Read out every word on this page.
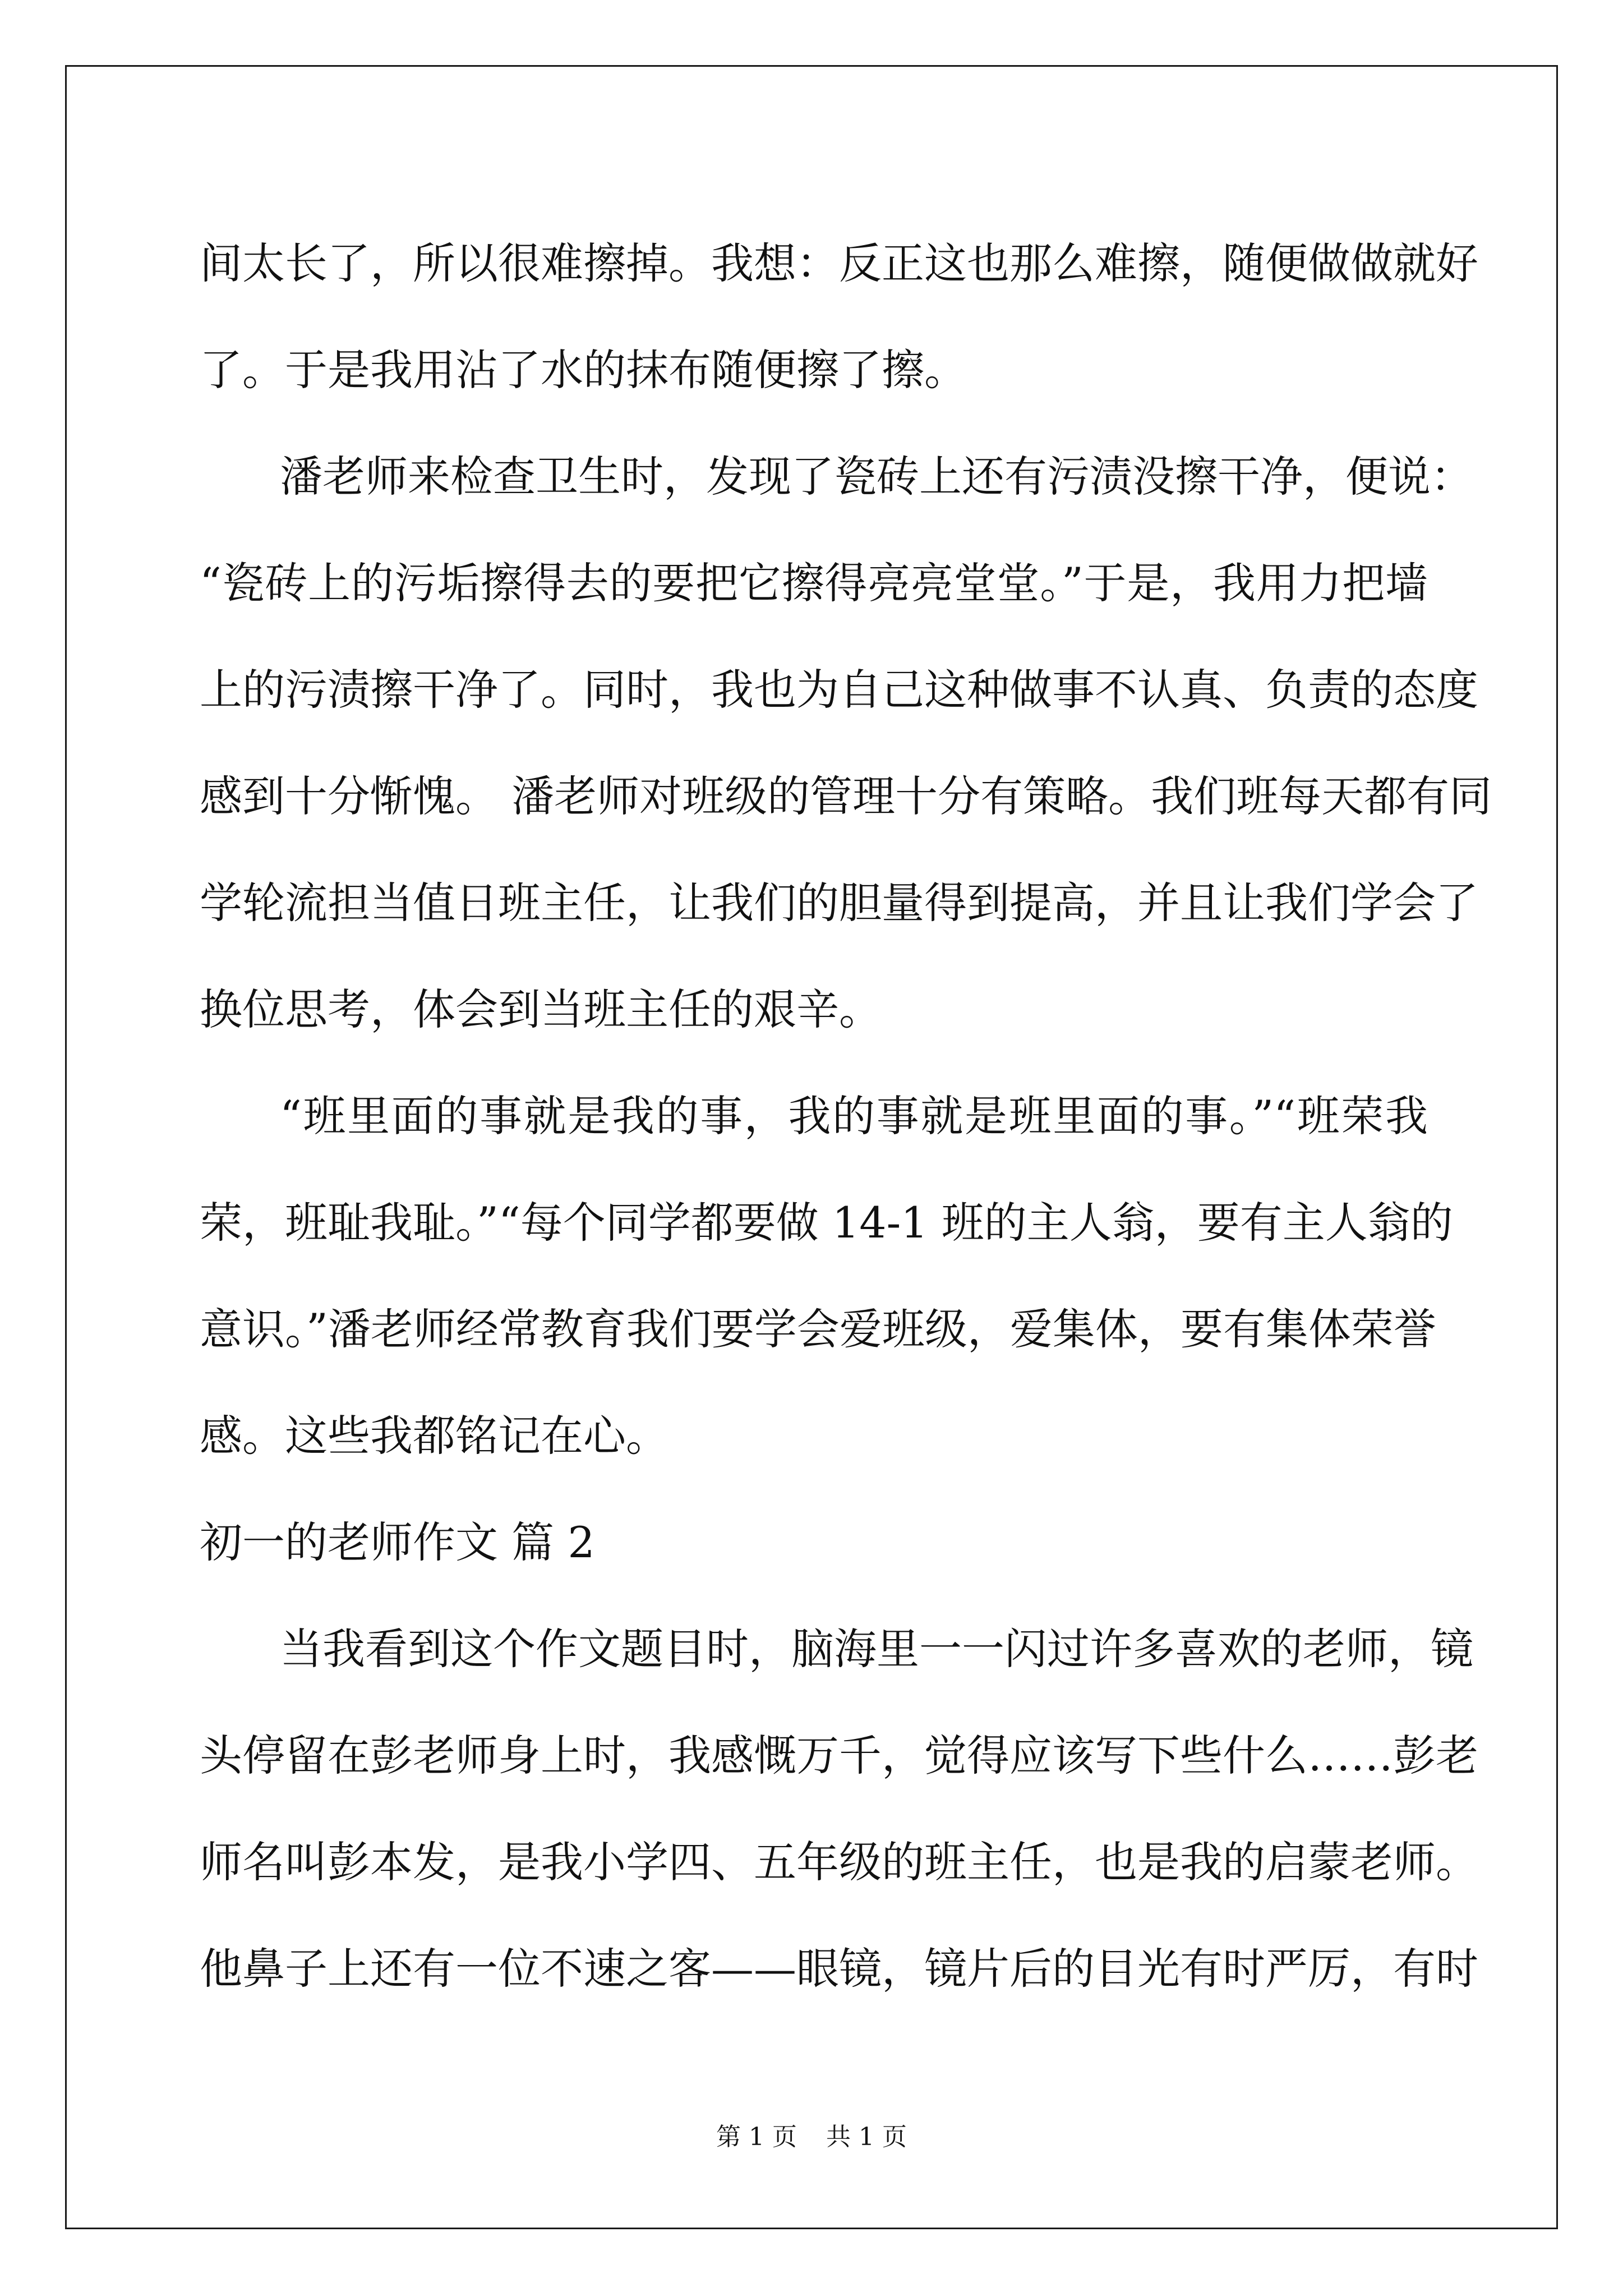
间太长了，所以很难擦掉。我想：反正这也那么难擦，随便做做就好
了。于是我用沾了水的抹布随便擦了擦。
潘老师来检查卫生时，发现了瓷砖上还有污渍没擦干净，便说：
“瓷砖上的污垢擦得去的要把它擦得亮亮堂堂。”于是，我用力把墙
上的污渍擦干净了。同时，我也为自己这种做事不认真、负责的态度
感到十分惭愧。 潘老师对班级的管理十分有策略。我们班每天都有同
学轮流担当值日班主任，让我们的胆量得到提高，并且让我们学会了
换位思考，体会到当班主任的艰辛。
“班里面的事就是我的事，我的事就是班里面的事。”“班荣我
荣，班耻我耻。”“每个同学都要做 14-1 班的主人翁，要有主人翁的
意识。”潘老师经常教育我们要学会爱班级，爱集体，要有集体荣誉
感。这些我都铭记在心。
初一的老师作文 篇 2
当我看到这个作文题目时，脑海里一一闪过许多喜欢的老师，镜
头停留在彭老师身上时，我感慨万千，觉得应该写下些什么……彭老
师名叫彭本发，是我小学四、五年级的班主任，也是我的启蒙老师。
他鼻子上还有一位不速之客——眼镜，镜片后的目光有时严厉，有时
第 1 页 共 1 页
